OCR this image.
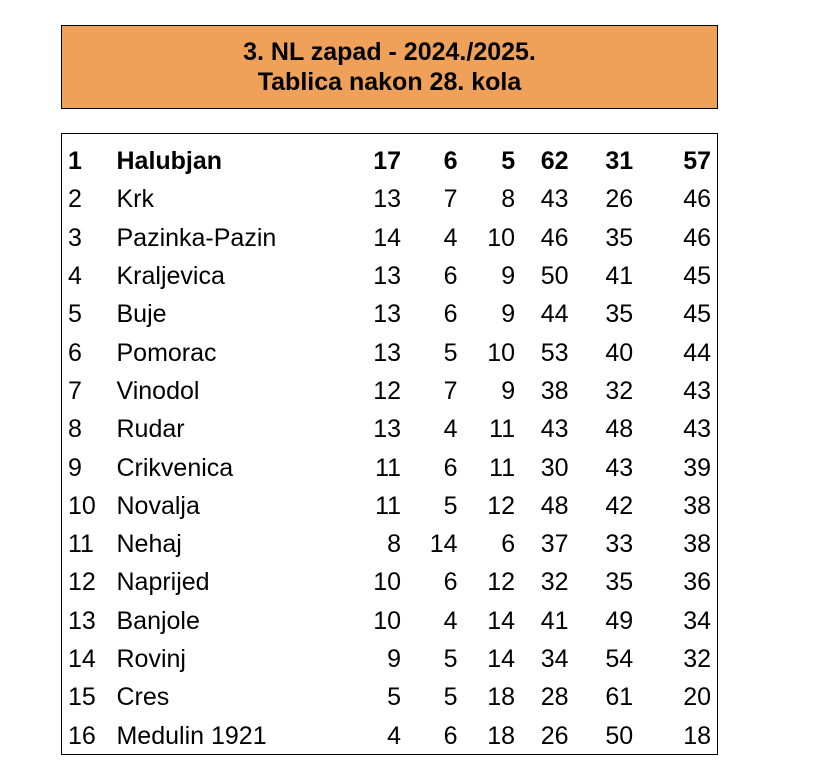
3. NL zapad - 2024./2025.
Tablica nakon 28. kola
1	Halubjan		17	6	5	62	31	57
2	Krk		13	7	8	43	26	46
3	Pazinka-Pazin		14	4	10	46	35	46
4	Kraljevica		13	6	9	50	41	45
5	Buje		13	6	9	44	35	45
6	Pomorac		13	5	10	53	40	44
7	Vinodol		12	7	9	38	32	43
8	Rudar		13	4	11	43	48	43
9	Crikvenica		11	6	11	30	43	39
10	Novalja		11	5	12	48	42	38
11	Nehaj		8	14	6	37	33	38
12	Naprijed		10	6	12	32	35	36
13	Banjole		10	4	14	41	49	34
14	Rovinj		9	5	14	34	54	32
15	Cres		5	5	18	28	61	20
16	Medulin 1921		4	6	18	26	50	18
